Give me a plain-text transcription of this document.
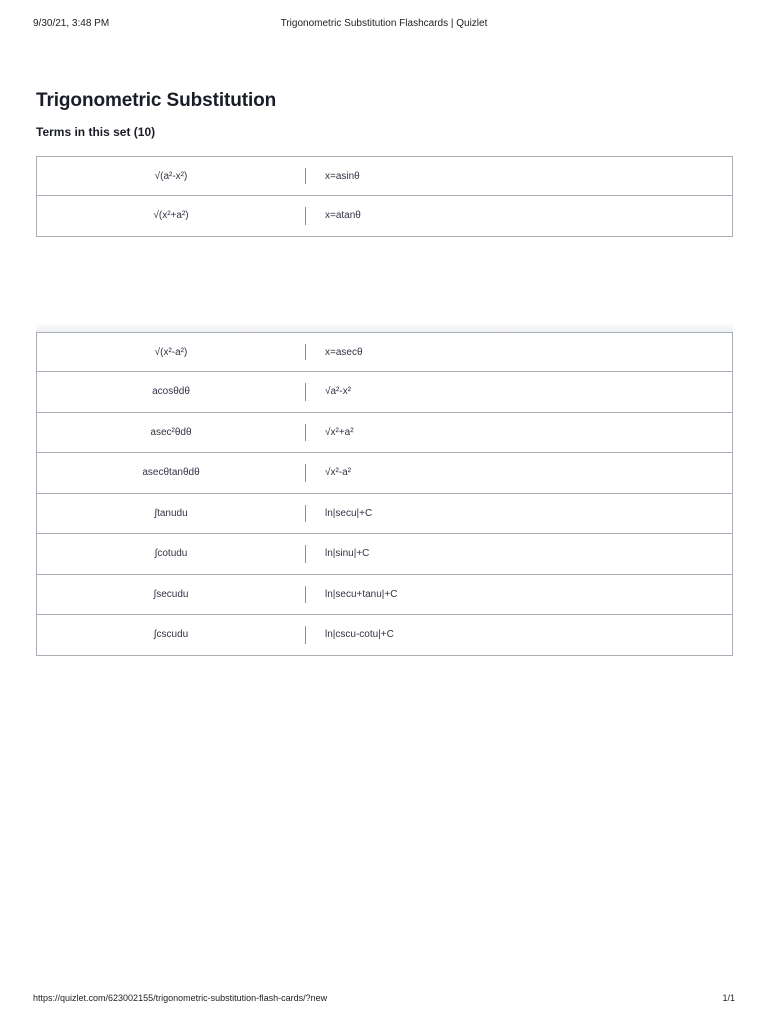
9/30/21, 3:48 PM	Trigonometric Substitution Flashcards | Quizlet
Trigonometric Substitution
Terms in this set (10)
√(a²-x²)	x=asinθ
√(x²+a²)	x=atanθ
√(x²-a²)	x=asecθ
acosθdθ	√a²-x²
asec²θdθ	√x²+a²
asecθtanθdθ	√x²-a²
∫tanudu	ln|secu|+C
∫cotudu	ln|sinu|+C
∫secudu	ln|secu+tanu|+C
∫cscudu	ln|cscu-cotu|+C
https://quizlet.com/623002155/trigonometric-substitution-flash-cards/?new	1/1
